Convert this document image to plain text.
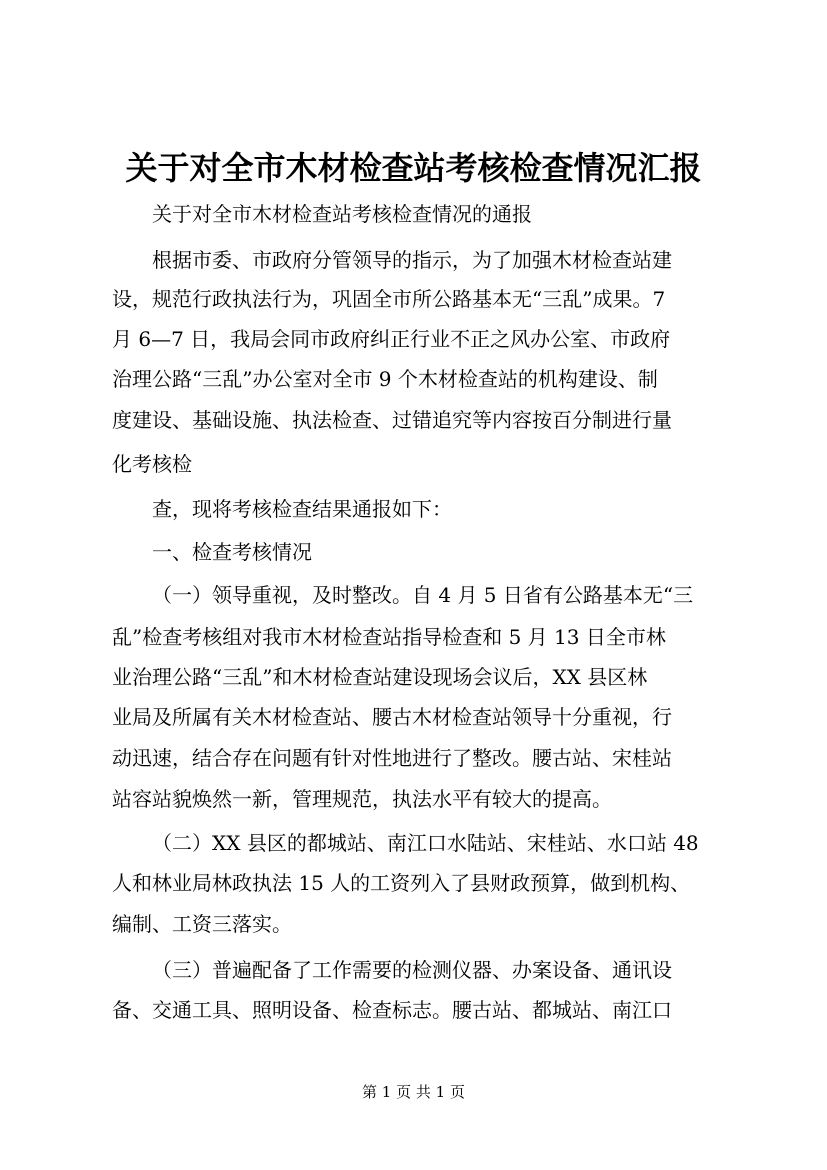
关于对全市木材检查站考核检查情况汇报
关于对全市木材检查站考核检查情况的通报
根据市委、市政府分管领导的指示，为了加强木材检查站建
设，规范行政执法行为，巩固全市所公路基本无“三乱”成果。7
月 6—7 日，我局会同市政府纠正行业不正之风办公室、市政府
治理公路“三乱”办公室对全市 9 个木材检查站的机构建设、制
度建设、基础设施、执法检查、过错追究等内容按百分制进行量
化考核检
查，现将考核检查结果通报如下：
一、检查考核情况
（一）领导重视，及时整改。自 4 月 5 日省有公路基本无“三
乱”检查考核组对我市木材检查站指导检查和 5 月 13 日全市林
业治理公路“三乱”和木材检查站建设现场会议后，XX 县区林
业局及所属有关木材检查站、腰古木材检查站领导十分重视，行
动迅速，结合存在问题有针对性地进行了整改。腰古站、宋桂站
站容站貌焕然一新，管理规范，执法水平有较大的提高。
（二）XX 县区的都城站、南江口水陆站、宋桂站、水口站 48
人和林业局林政执法 15 人的工资列入了县财政预算，做到机构、
编制、工资三落实。
（三）普遍配备了工作需要的检测仪器、办案设备、通讯设
备、交通工具、照明设备、检查标志。腰古站、都城站、南江口
第 1 页 共 1 页
